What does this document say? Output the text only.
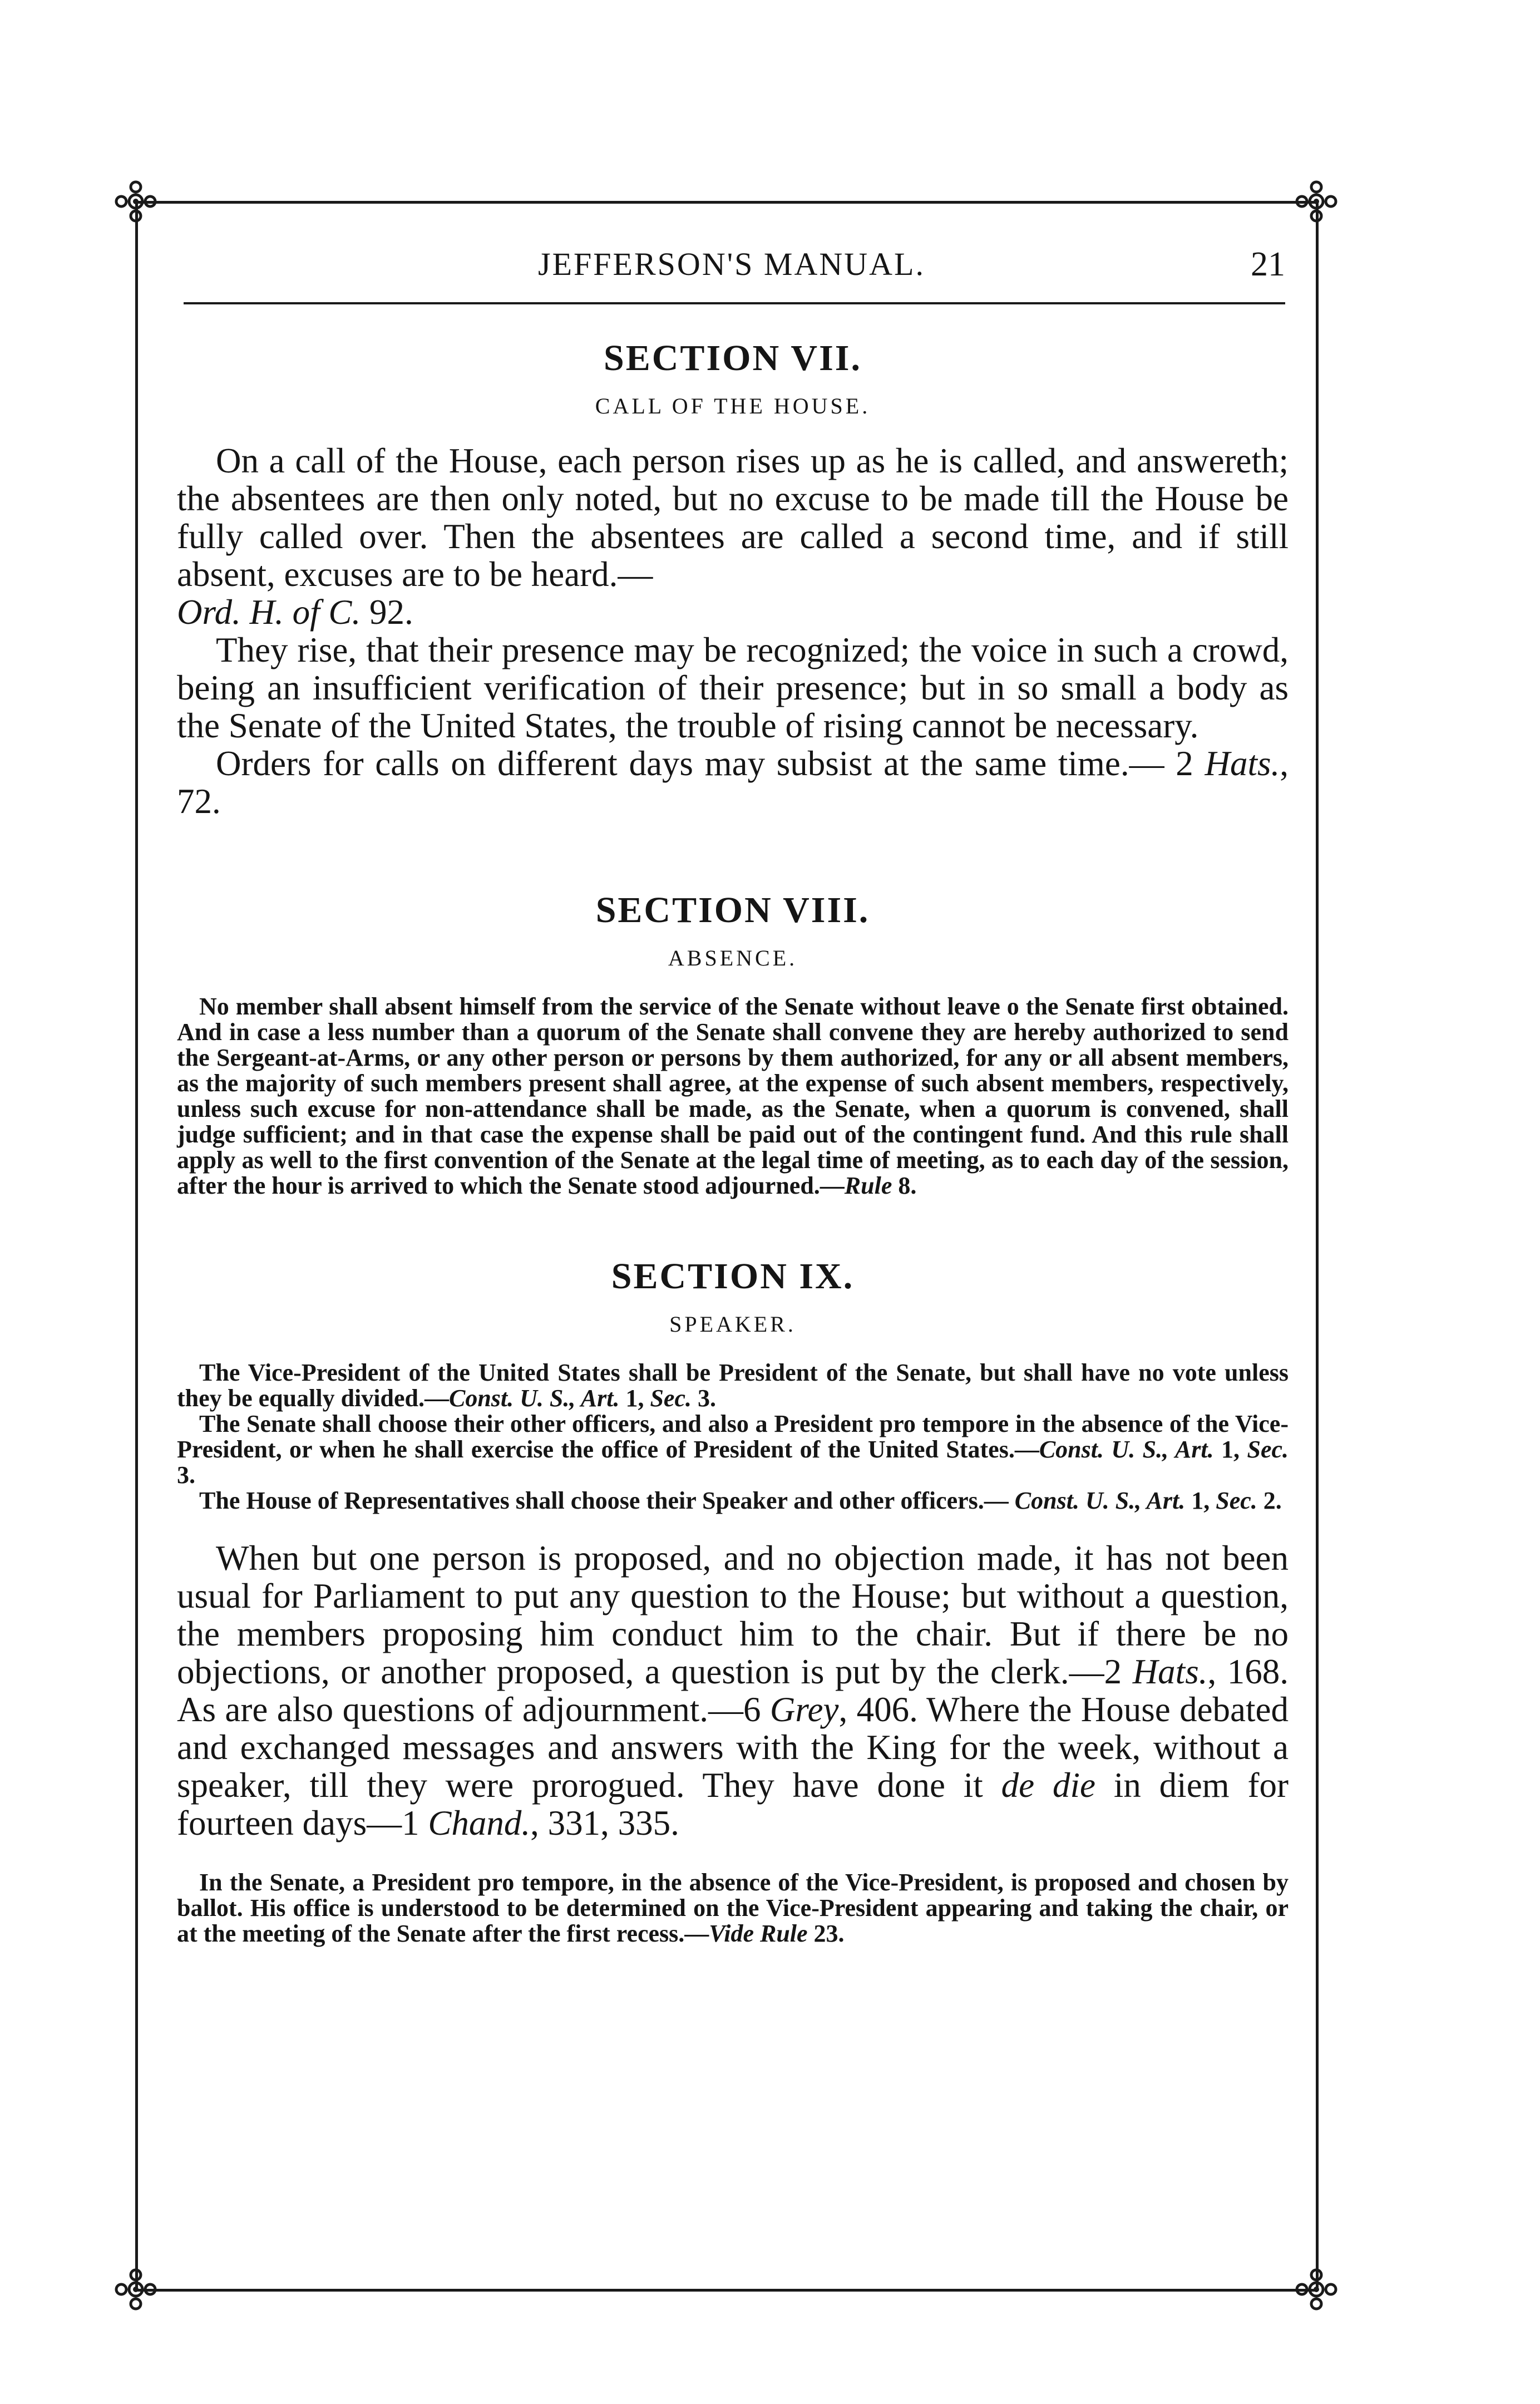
JEFFERSON'S MANUAL.	21
SECTION VII.
CALL OF THE HOUSE.

On a call of the House, each person rises up as he is called, and answereth; the absentees are then only noted, but no excuse to be made till the House be fully called over. Then the absentees are called a second time, and if still absent, excuses are to be heard.—
Ord. H. of C. 92.

They rise, that their presence may be recognized; the voice in such a crowd, being an insufficient verification of their presence; but in so small a body as the Senate of the United States, the trouble of rising cannot be necessary.

Orders for calls on different days may subsist at the same time.— 2 Hats., 72.

SECTION VIII.
ABSENCE.

No member shall absent himself from the service of the Senate without leave o the Senate first obtained. And in case a less number than a quorum of the Senate shall convene they are hereby authorized to send the Sergeant-at-Arms, or any other person or persons by them authorized, for any or all absent members, as the majority of such members present shall agree, at the expense of such absent members, respectively, unless such excuse for non-attendance shall be made, as the Senate, when a quorum is convened, shall judge sufficient; and in that case the expense shall be paid out of the contingent fund. And this rule shall apply as well to the first convention of the Senate at the legal time of meeting, as to each day of the session, after the hour is arrived to which the Senate stood adjourned.—Rule 8.

SECTION IX.
SPEAKER.

The Vice-President of the United States shall be President of the Senate, but shall have no vote unless they be equally divided.—Const. U. S., Art. 1, Sec. 3.

The Senate shall choose their other officers, and also a President pro tempore in the absence of the Vice-President, or when he shall exercise the office of President of the United States.—Const. U. S., Art. 1, Sec. 3.

The House of Representatives shall choose their Speaker and other officers.— Const. U. S., Art. 1, Sec. 2.

When but one person is proposed, and no objection made, it has not been usual for Parliament to put any question to the House; but without a question, the members proposing him conduct him to the chair. But if there be no objections, or another proposed, a question is put by the clerk.—2 Hats., 168. As are also questions of adjournment.—6 Grey, 406. Where the House debated and exchanged messages and answers with the King for the week, without a speaker, till they were prorogued. They have done it de die in diem for fourteen days—1 Chand., 331, 335.

In the Senate, a President pro tempore, in the absence of the Vice-President, is proposed and chosen by ballot. His office is understood to be determined on the Vice-President appearing and taking the chair, or at the meeting of the Senate after the first recess.—Vide Rule 23.
